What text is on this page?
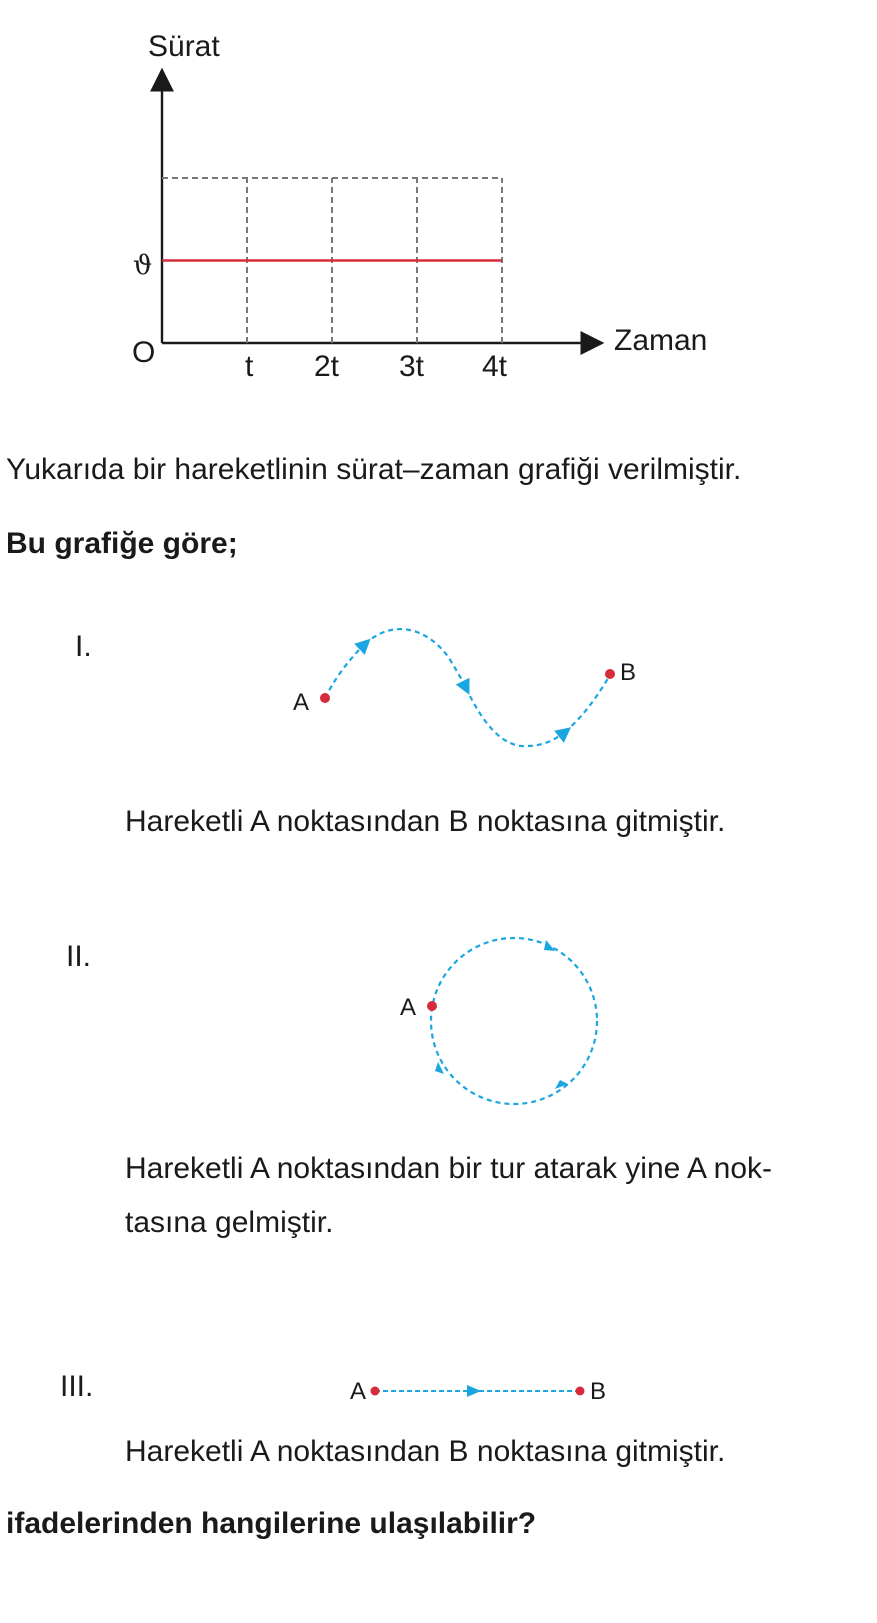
Sürat
Zaman
O
ϑ
t 2t 3t 4t
Yukarıda bir hareketlinin sürat–zaman grafiği verilmiştir.
Bu grafiğe göre;
I.
A
B
Hareketli A noktasından B noktasına gitmiştir.
II.
A
Hareketli A noktasından bir tur atarak yine A nok-
tasına gelmiştir.
III.	A	B
Hareketli A noktasından B noktasına gitmiştir.
ifadelerinden hangilerine ulaşılabilir?
